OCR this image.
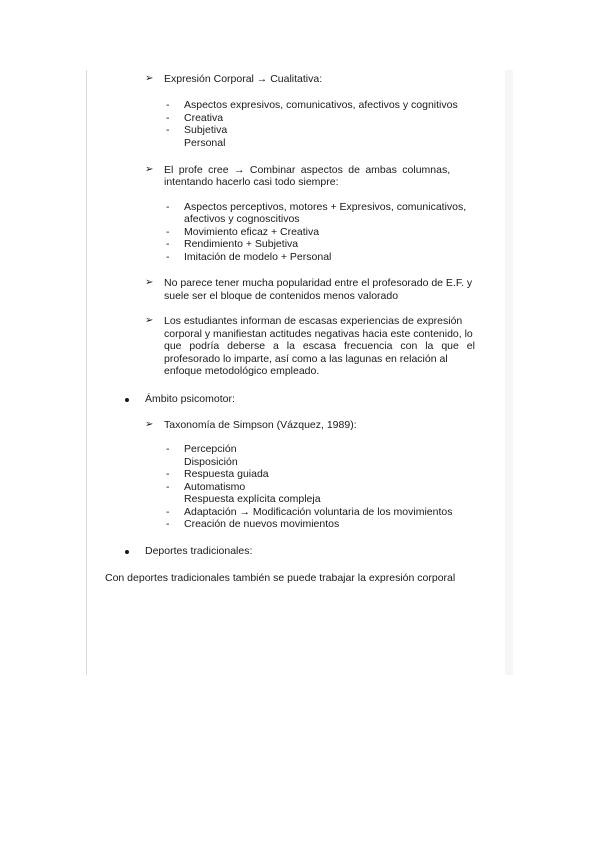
➢ Expresión Corporal → Cualitativa:
- Aspectos expresivos, comunicativos, afectivos y cognitivos
- Creativa
- Subjetiva
Personal
➢ El profe cree → Combinar aspectos de ambas columnas,
intentando hacerlo casi todo siempre:
- Aspectos perceptivos, motores + Expresivos, comunicativos,
afectivos y cognoscitivos
- Movimiento eficaz + Creativa
- Rendimiento + Subjetiva
- Imitación de modelo + Personal
➢ No parece tener mucha popularidad entre el profesorado de E.F. y
suele ser el bloque de contenidos menos valorado
➢ Los estudiantes informan de escasas experiencias de expresión
corporal y manifiestan actitudes negativas hacia este contenido, lo
que podría deberse a la escasa frecuencia con la que el
profesorado lo imparte, así como a las lagunas en relación al
enfoque metodológico empleado.
Ámbito psicomotor:
➢ Taxonomía de Simpson (Vázquez, 1989):
- Percepción
Disposición
- Respuesta guiada
- Automatismo
Respuesta explícita compleja
- Adaptación → Modificación voluntaria de los movimientos
- Creación de nuevos movimientos
Deportes tradicionales:
Con deportes tradicionales también se puede trabajar la expresión corporal
